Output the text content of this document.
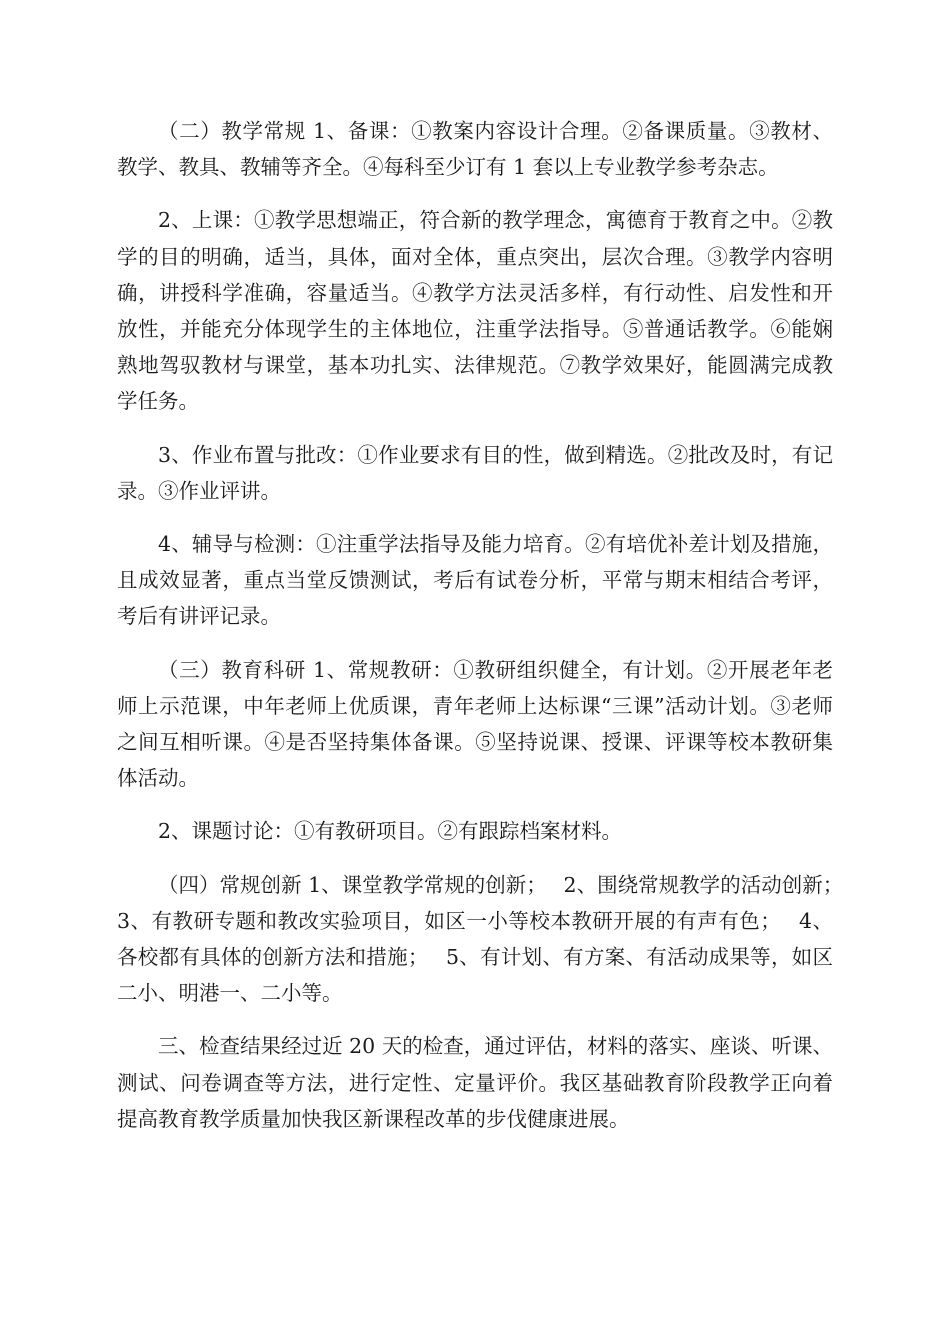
（二）教学常规 1、备课：①教案内容设计合理。②备课质量。③教材、教学、教具、教辅等齐全。④每科至少订有 1 套以上专业教学参考杂志。

2、上课：①教学思想端正，符合新的教学理念，寓德育于教育之中。②教学的目的明确，适当，具体，面对全体，重点突出，层次合理。③教学内容明确，讲授科学准确，容量适当。④教学方法灵活多样，有行动性、启发性和开放性，并能充分体现学生的主体地位，注重学法指导。⑤普通话教学。⑥能娴熟地驾驭教材与课堂，基本功扎实、法律规范。⑦教学效果好，能圆满完成教学任务。

3、作业布置与批改：①作业要求有目的性，做到精选。②批改及时，有记录。③作业评讲。

4、辅导与检测：①注重学法指导及能力培育。②有培优补差计划及措施，且成效显著，重点当堂反馈测试，考后有试卷分析，平常与期末相结合考评，考后有讲评记录。

（三）教育科研 1、常规教研：①教研组织健全，有计划。②开展老年老师上示范课，中年老师上优质课，青年老师上达标课“三课”活动计划。③老师之间互相听课。④是否坚持集体备课。⑤坚持说课、授课、评课等校本教研集体活动。

2、课题讨论：①有教研项目。②有跟踪档案材料。

（四）常规创新 1、课堂教学常规的创新；　 2、围绕常规教学的活动创新；　 3、有教研专题和教改实验项目，如区一小等校本教研开展的有声有色；　 4、各校都有具体的创新方法和措施；　 5、有计划、有方案、有活动成果等，如区二小、明港一、二小等。

三、检查结果经过近 20 天的检查，通过评估，材料的落实、座谈、听课、测试、问卷调查等方法，进行定性、定量评价。我区基础教育阶段教学正向着提高教育教学质量加快我区新课程改革的步伐健康进展。
